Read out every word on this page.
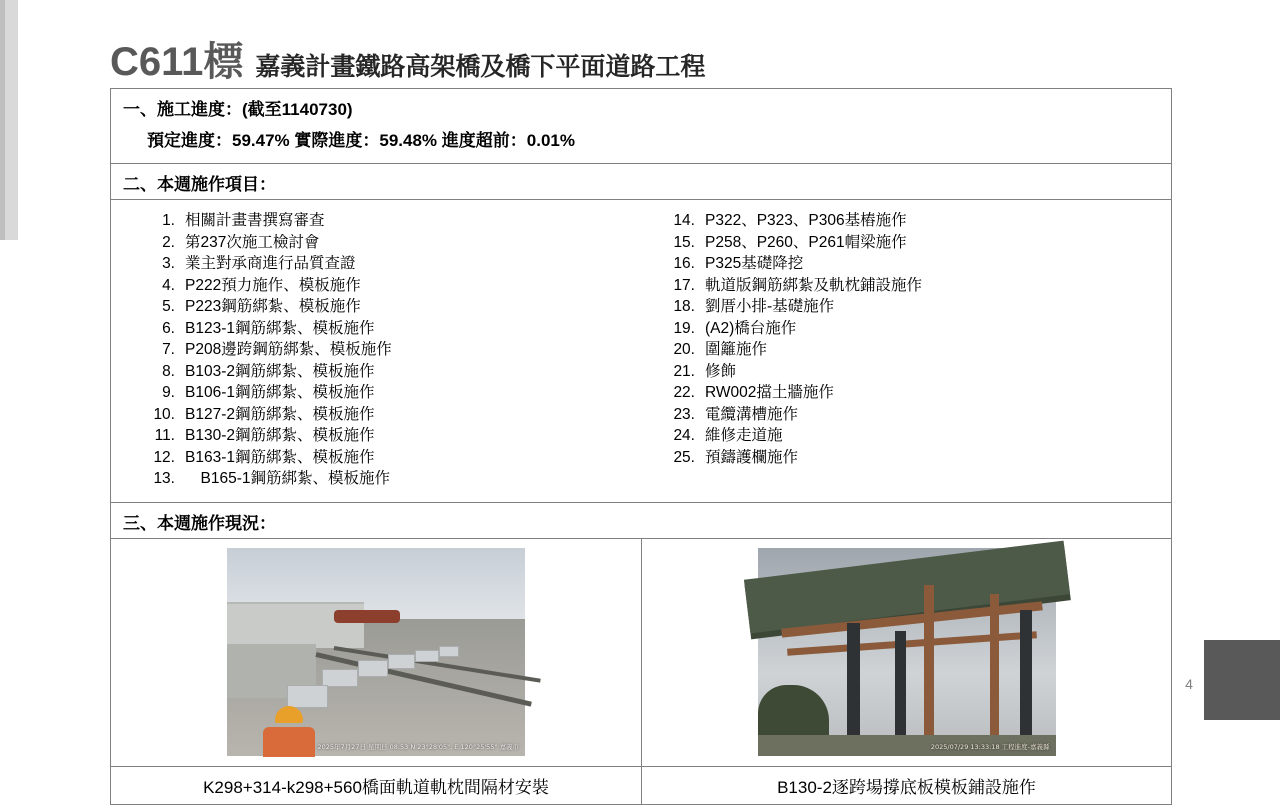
4
C611標 嘉義計畫鐵路高架橋及橋下平面道路工程
一、施工進度：(截至1140730)
預定進度：59.47% 實際進度：59.48% 進度超前：0.01%
二、本週施作項目：
1. 相關計畫書撰寫審查
2. 第237次施工檢討會
3. 業主對承商進行品質查證
4. P222預力施作、模板施作
5. P223鋼筋綁紮、模板施作
6. B123-1鋼筋綁紮、模板施作
7. P208邊跨鋼筋綁紮、模板施作
8. B103-2鋼筋綁紮、模板施作
9. B106-1鋼筋綁紮、模板施作
10. B127-2鋼筋綁紮、模板施作
11. B130-2鋼筋綁紮、模板施作
12. B163-1鋼筋綁紮、模板施作
13. 　B165-1鋼筋綁紮、模板施作
14. P322、P323、P306基樁施作
15. P258、P260、P261帽梁施作
16. P325基礎降挖
17. 軌道版鋼筋綁紮及軌枕鋪設施作
18. 劉厝小排-基礎施作
19. (A2)橋台施作
20. 圍籬施作
21. 修飾
22. RW002擋土牆施作
23. 電纜溝槽施作
24. 維修走道施
25. 預鑄護欄施作
三、本週施作現況：
2025年7月27日 星期日 08:53 N 23°28'05", E 120°25'55" 嘉義市	2025/07/29 13:33:18 工程進度-嘉義縣
K298+314-k298+560橋面軌道軌枕間隔材安裝	B130-2逐跨場撐底板模板鋪設施作
